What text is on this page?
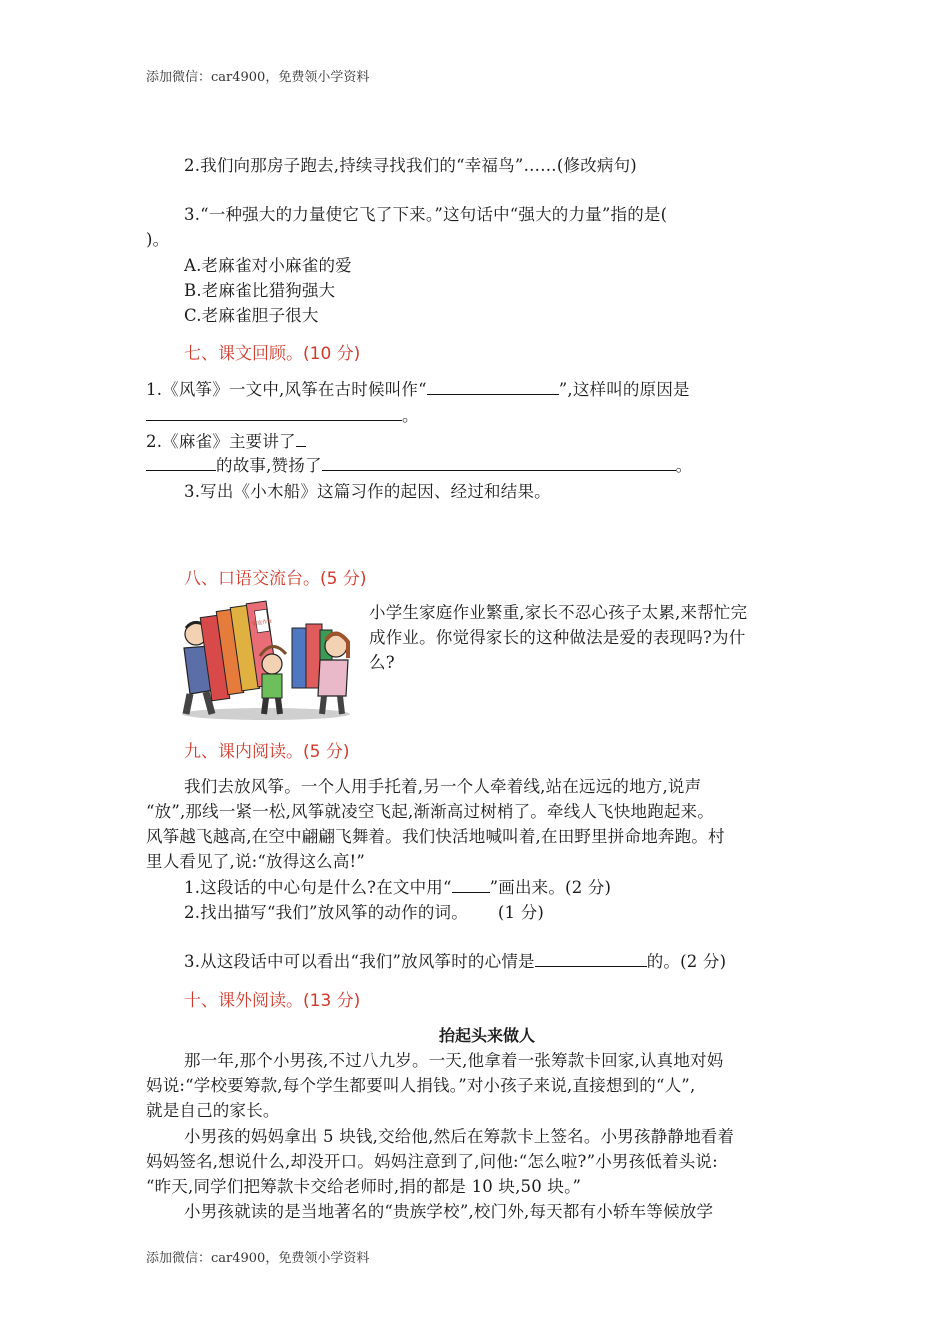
添加微信：car4900，免费领小学资料
2.我们向那房子跑去,持续寻找我们的“幸福鸟”……(修改病句)
3.“一种强大的力量使它飞了下来。”这句话中“强大的力量”指的是(
)。
A.老麻雀对小麻雀的爱
B.老麻雀比猎狗强大
C.老麻雀胆子很大
七、课文回顾。(10 分)
1.《风筝》一文中,风筝在古时候叫作“	”,这样叫的原因是
。
2.《麻雀》主要讲了
的故事,赞扬了	。
3.写出《小木船》这篇习作的起因、经过和结果。
八、口语交流台。(5 分)
家庭作业
小学生家庭作业繁重,家长不忍心孩子太累,来帮忙完
成作业。你觉得家长的这种做法是爱的表现吗?为什
么?
九、课内阅读。(5 分)
我们去放风筝。一个人用手托着,另一个人牵着线,站在远远的地方,说声
“放”,那线一紧一松,风筝就凌空飞起,渐渐高过树梢了。牵线人飞快地跑起来。
风筝越飞越高,在空中翩翩飞舞着。我们快活地喊叫着,在田野里拼命地奔跑。村
里人看见了,说:“放得这么高!”
1.这段话的中心句是什么?在文中用“ ”画出来。(2 分)
2.找出描写“我们”放风筝的动作的词。 (1 分)
3.从这段话中可以看出“我们”放风筝时的心情是	的。(2 分)
十、课外阅读。(13 分)
抬起头来做人
那一年,那个小男孩,不过八九岁。一天,他拿着一张筹款卡回家,认真地对妈
妈说:“学校要筹款,每个学生都要叫人捐钱。”对小孩子来说,直接想到的“人”,
就是自己的家长。
小男孩的妈妈拿出 5 块钱,交给他,然后在筹款卡上签名。小男孩静静地看着
妈妈签名,想说什么,却没开口。妈妈注意到了,问他:“怎么啦?”小男孩低着头说:
“昨天,同学们把筹款卡交给老师时,捐的都是 10 块,50 块。”
小男孩就读的是当地著名的“贵族学校”,校门外,每天都有小轿车等候放学
添加微信：car4900，免费领小学资料
